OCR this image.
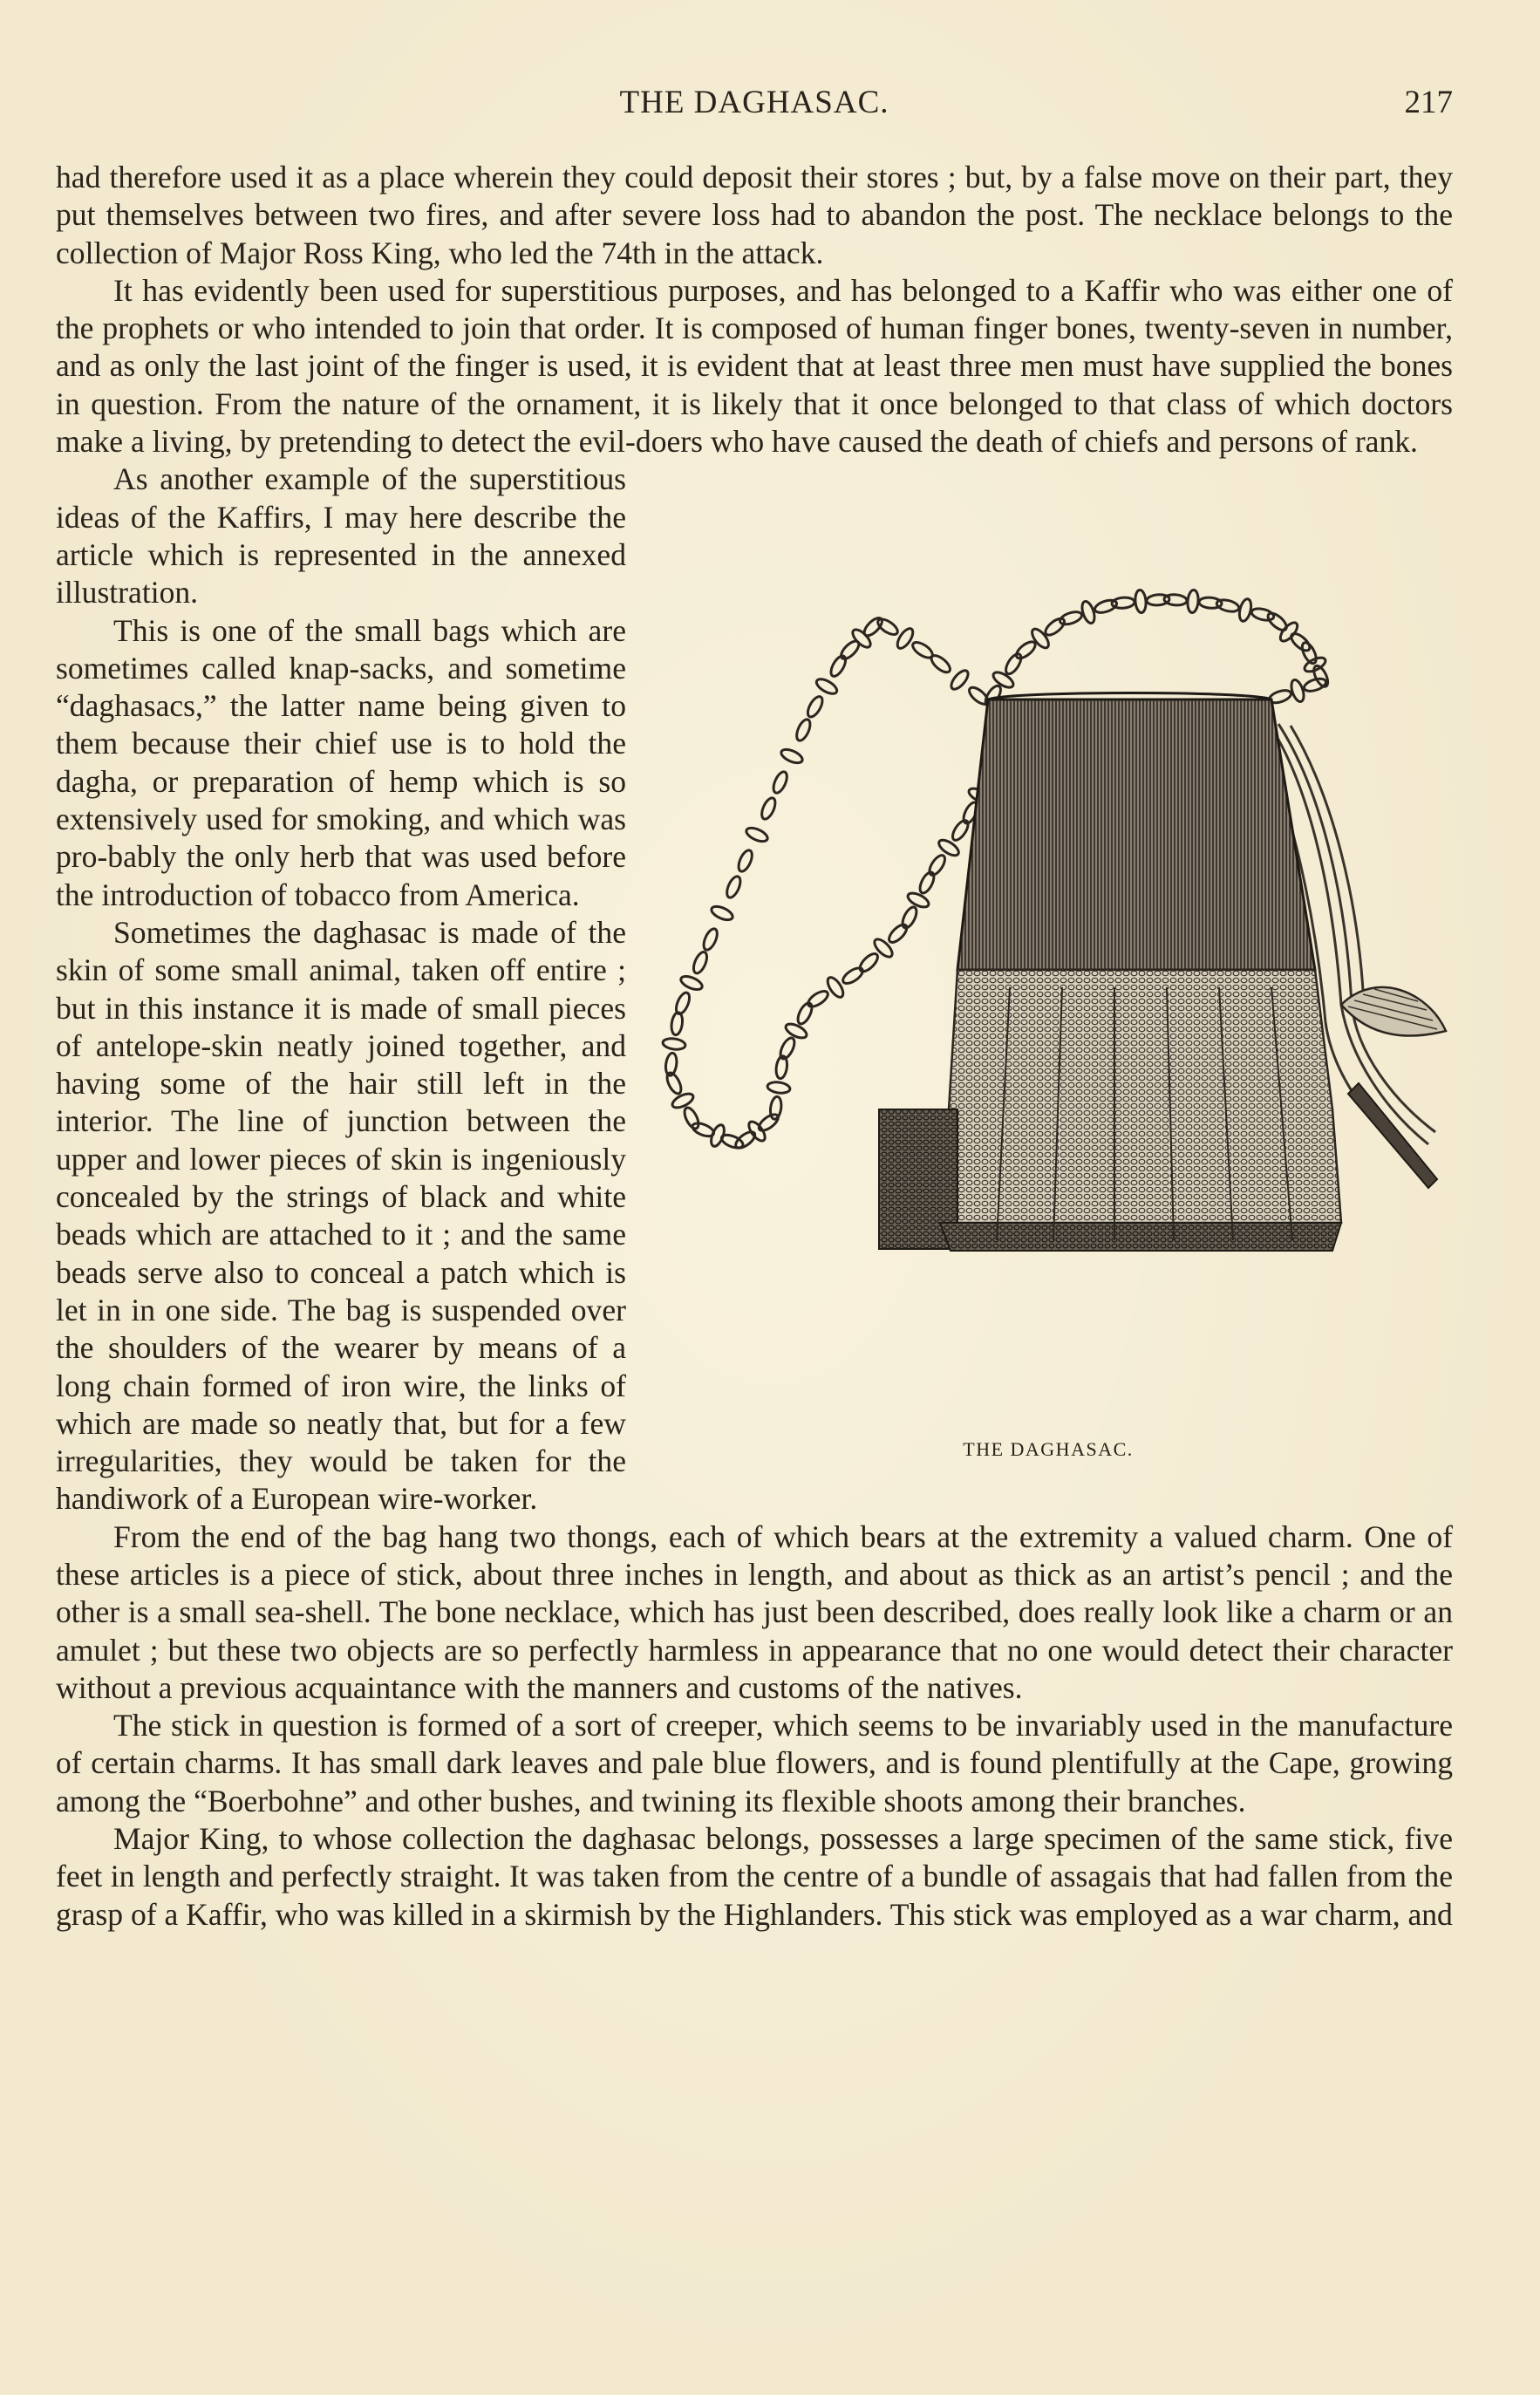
THE DAGHASAC.	217

had therefore used it as a place wherein they could deposit their stores ; but, by a false move on their part, they put themselves between two fires, and after severe loss had to abandon the post. The necklace belongs to the collection of Major Ross King, who led the 74th in the attack.

It has evidently been used for superstitious purposes, and has belonged to a Kaffir who was either one of the prophets or who intended to join that order. It is composed of human finger bones, twenty-seven in number, and as only the last joint of the finger is used, it is evident that at least three men must have supplied the bones in question. From the nature of the ornament, it is likely that it once belonged to that class of which doctors make a living, by pretending to detect the evil-doers who have caused the death of chiefs and persons of rank.

THE DAGHASAC.

As another example of the superstitious ideas of the Kaffirs, I may here describe the article which is represented in the annexed illustration.

This is one of the small bags which are sometimes called knap-sacks, and sometime “daghasacs,” the latter name being given to them because their chief use is to hold the dagha, or preparation of hemp which is so extensively used for smoking, and which was pro-bably the only herb that was used before the introduction of tobacco from America.

Sometimes the daghasac is made of the skin of some small animal, taken off entire ; but in this instance it is made of small pieces of antelope-skin neatly joined together, and having some of the hair still left in the interior. The line of junction between the upper and lower pieces of skin is ingeniously concealed by the strings of black and white beads which are attached to it ; and the same beads serve also to conceal a patch which is let in in one side. The bag is suspended over the shoulders of the wearer by means of a long chain formed of iron wire, the links of which are made so neatly that, but for a few irregularities, they would be taken for the handiwork of a European wire-worker.

From the end of the bag hang two thongs, each of which bears at the extremity a valued charm. One of these articles is a piece of stick, about three inches in length, and about as thick as an artist’s pencil ; and the other is a small sea-shell. The bone necklace, which has just been described, does really look like a charm or an amulet ; but these two objects are so perfectly harmless in appearance that no one would detect their character without a previous acquaintance with the manners and customs of the natives.

The stick in question is formed of a sort of creeper, which seems to be invariably used in the manufacture of certain charms. It has small dark leaves and pale blue flowers, and is found plentifully at the Cape, growing among the “Boerbohne” and other bushes, and twining its flexible shoots among their branches.

Major King, to whose collection the daghasac belongs, possesses a large specimen of the same stick, five feet in length and perfectly straight. It was taken from the centre of a bundle of assagais that had fallen from the grasp of a Kaffir, who was killed in a skirmish by the Highlanders. This stick was employed as a war charm, and
